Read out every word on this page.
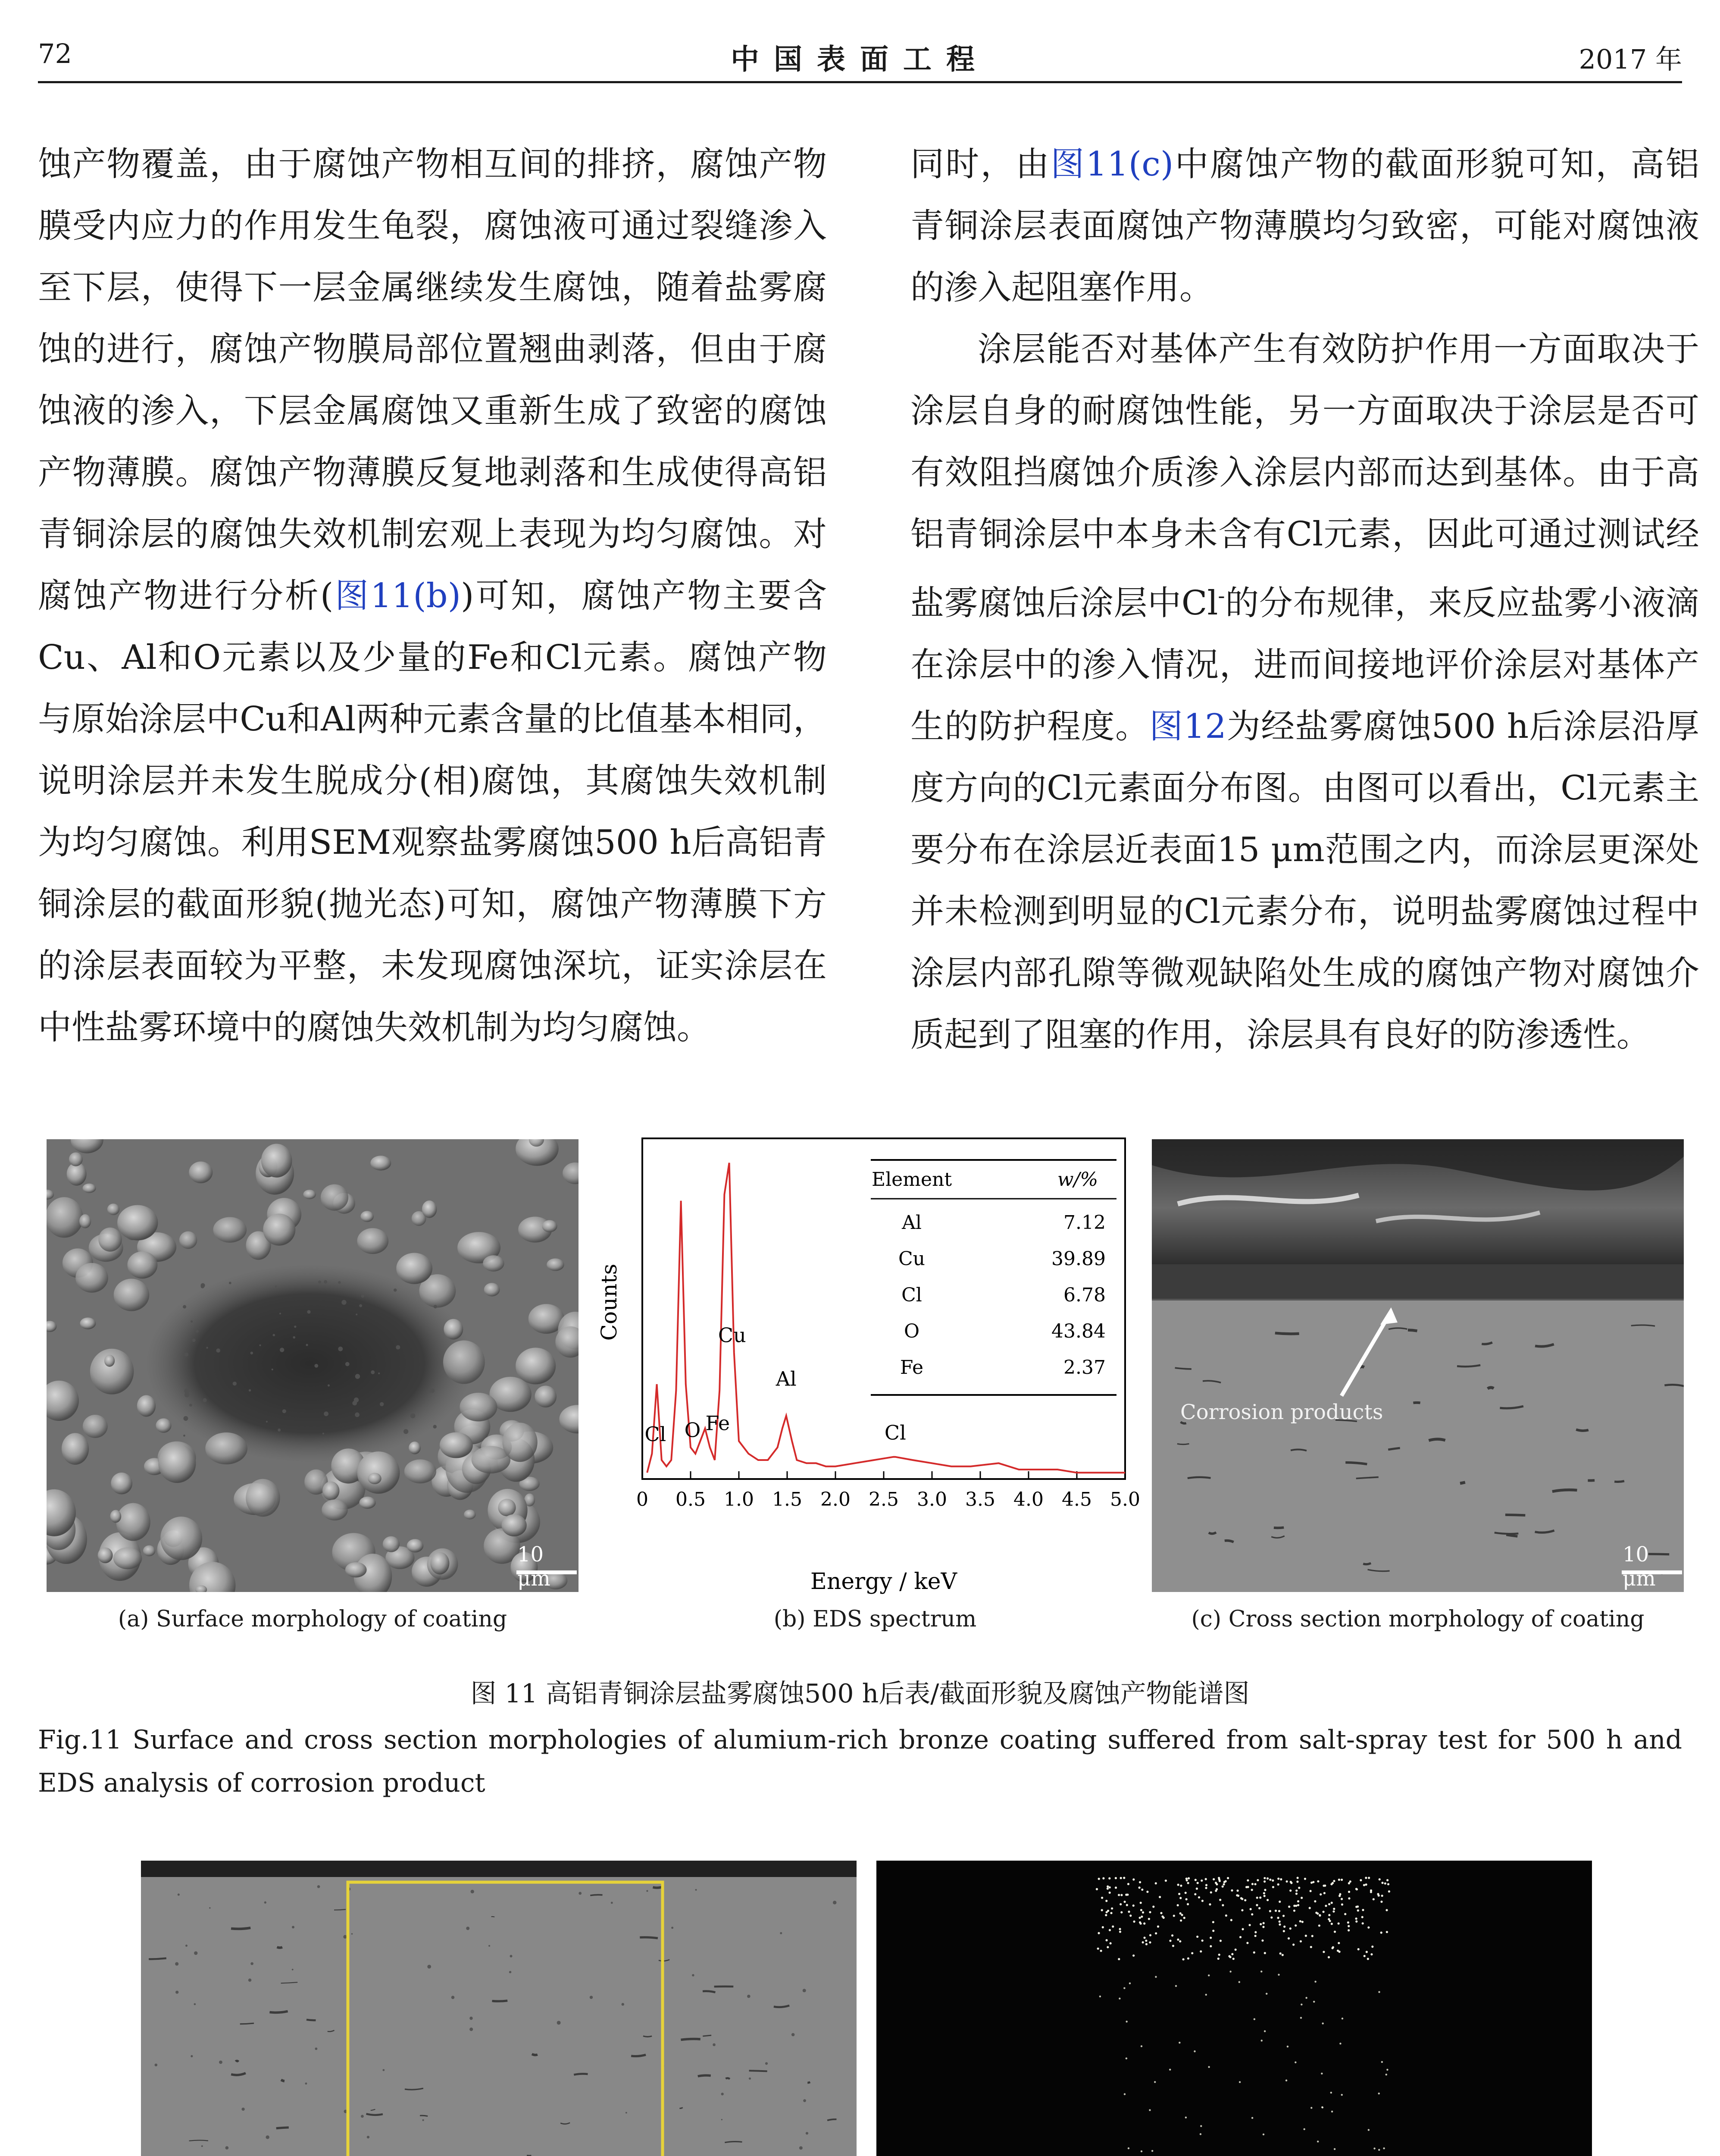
72	中国表面工程	2017 年

蚀产物覆盖，由于腐蚀产物相互间的排挤，腐蚀产物膜受内应力的作用发生龟裂，腐蚀液可通过裂缝渗入至下层，使得下一层金属继续发生腐蚀，随着盐雾腐蚀的进行，腐蚀产物膜局部位置翘曲剥落，但由于腐蚀液的渗入，下层金属腐蚀又重新生成了致密的腐蚀产物薄膜。腐蚀产物薄膜反复地剥落和生成使得高铝青铜涂层的腐蚀失效机制宏观上表现为均匀腐蚀。对腐蚀产物进行分析(图11(b))可知，腐蚀产物主要含Cu、Al和O元素以及少量的Fe和Cl元素。腐蚀产物与原始涂层中Cu和Al两种元素含量的比值基本相同，说明涂层并未发生脱成分(相)腐蚀，其腐蚀失效机制为均匀腐蚀。利用SEM观察盐雾腐蚀500 h后高铝青铜涂层的截面形貌(抛光态)可知，腐蚀产物薄膜下方的涂层表面较为平整，未发现腐蚀深坑，证实涂层在中性盐雾环境中的腐蚀失效机制为均匀腐蚀。

同时，由图11(c)中腐蚀产物的截面形貌可知，高铝青铜涂层表面腐蚀产物薄膜均匀致密，可能对腐蚀液的渗入起阻塞作用。

涂层能否对基体产生有效防护作用一方面取决于涂层自身的耐腐蚀性能，另一方面取决于涂层是否可有效阻挡腐蚀介质渗入涂层内部而达到基体。由于高铝青铜涂层中本身未含有Cl元素，因此可通过测试经盐雾腐蚀后涂层中Cl-的分布规律，来反应盐雾小液滴在涂层中的渗入情况，进而间接地评价涂层对基体产生的防护程度。图12为经盐雾腐蚀500 h后涂层沿厚度方向的Cl元素面分布图。由图可以看出，Cl元素主要分布在涂层近表面15 μm范围之内，而涂层更深处并未检测到明显的Cl元素分布，说明盐雾腐蚀过程中涂层内部孔隙等微观缺陷处生成的腐蚀产物对腐蚀介质起到了阻塞的作用，涂层具有良好的防渗透性。

10 μm
(a) Surface morphology of coating
0 0.5 1.0 1.5 2.0 2.5 3.0 3.5 4.0 4.5 5.0
Cl O Fe
Cu
Al
Cl
Element	w/%
Al	7.12
Cu	39.89
Cl	6.78
O	43.84
Fe	2.37
Counts
Energy / keV
(b) EDS spectrum
Corrosion products
10 μm
(c) Cross section morphology of coating
图 11 高铝青铜涂层盐雾腐蚀500 h后表/截面形貌及腐蚀产物能谱图
Fig.11 Surface and cross section morphologies of alumium-rich bronze coating suffered from salt-spray test for 500 h and EDS analysis of corrosion product
